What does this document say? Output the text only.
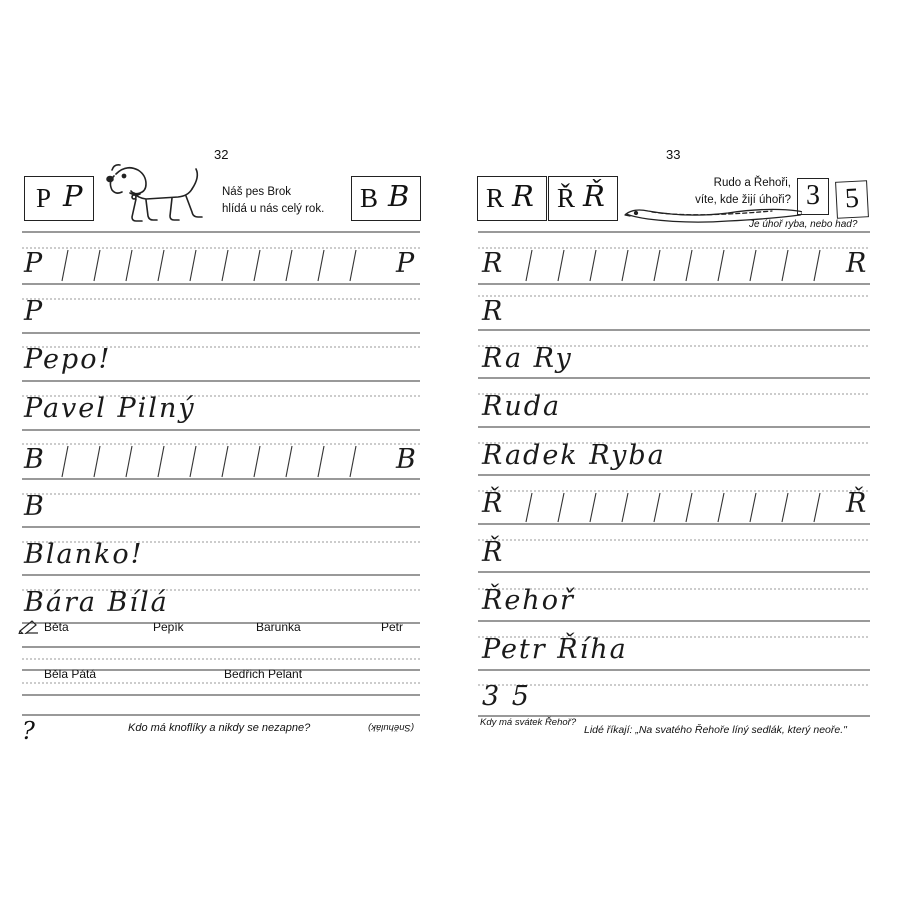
32
P P	Náš pes Brok
hlídá u nás celý rok. B B
P	P
P
Pepo!
Pavel Pilný
B	B
B
Blanko!
Bára Bílá
Běta	Pepík	Barunka	Petr
Běla Pátá	Bedřich Pelant
?	Kdo má knoflíky a nikdy se nezapne?	(Sněhulák)
33
R R Ř Ř	Rudo a Řehoři,
víte, kde žijí úhoři? 3 5
Je úhoř ryba, nebo had?
R	R
R
Ra Ry
Ruda
Radek Ryba
Ř	Ř
Ř
Řehoř
Petr Říha
3 5
Kdy má svátek Řehoř?
Lidé říkají: „Na svatého Řehoře líný sedlák, který neoře."
